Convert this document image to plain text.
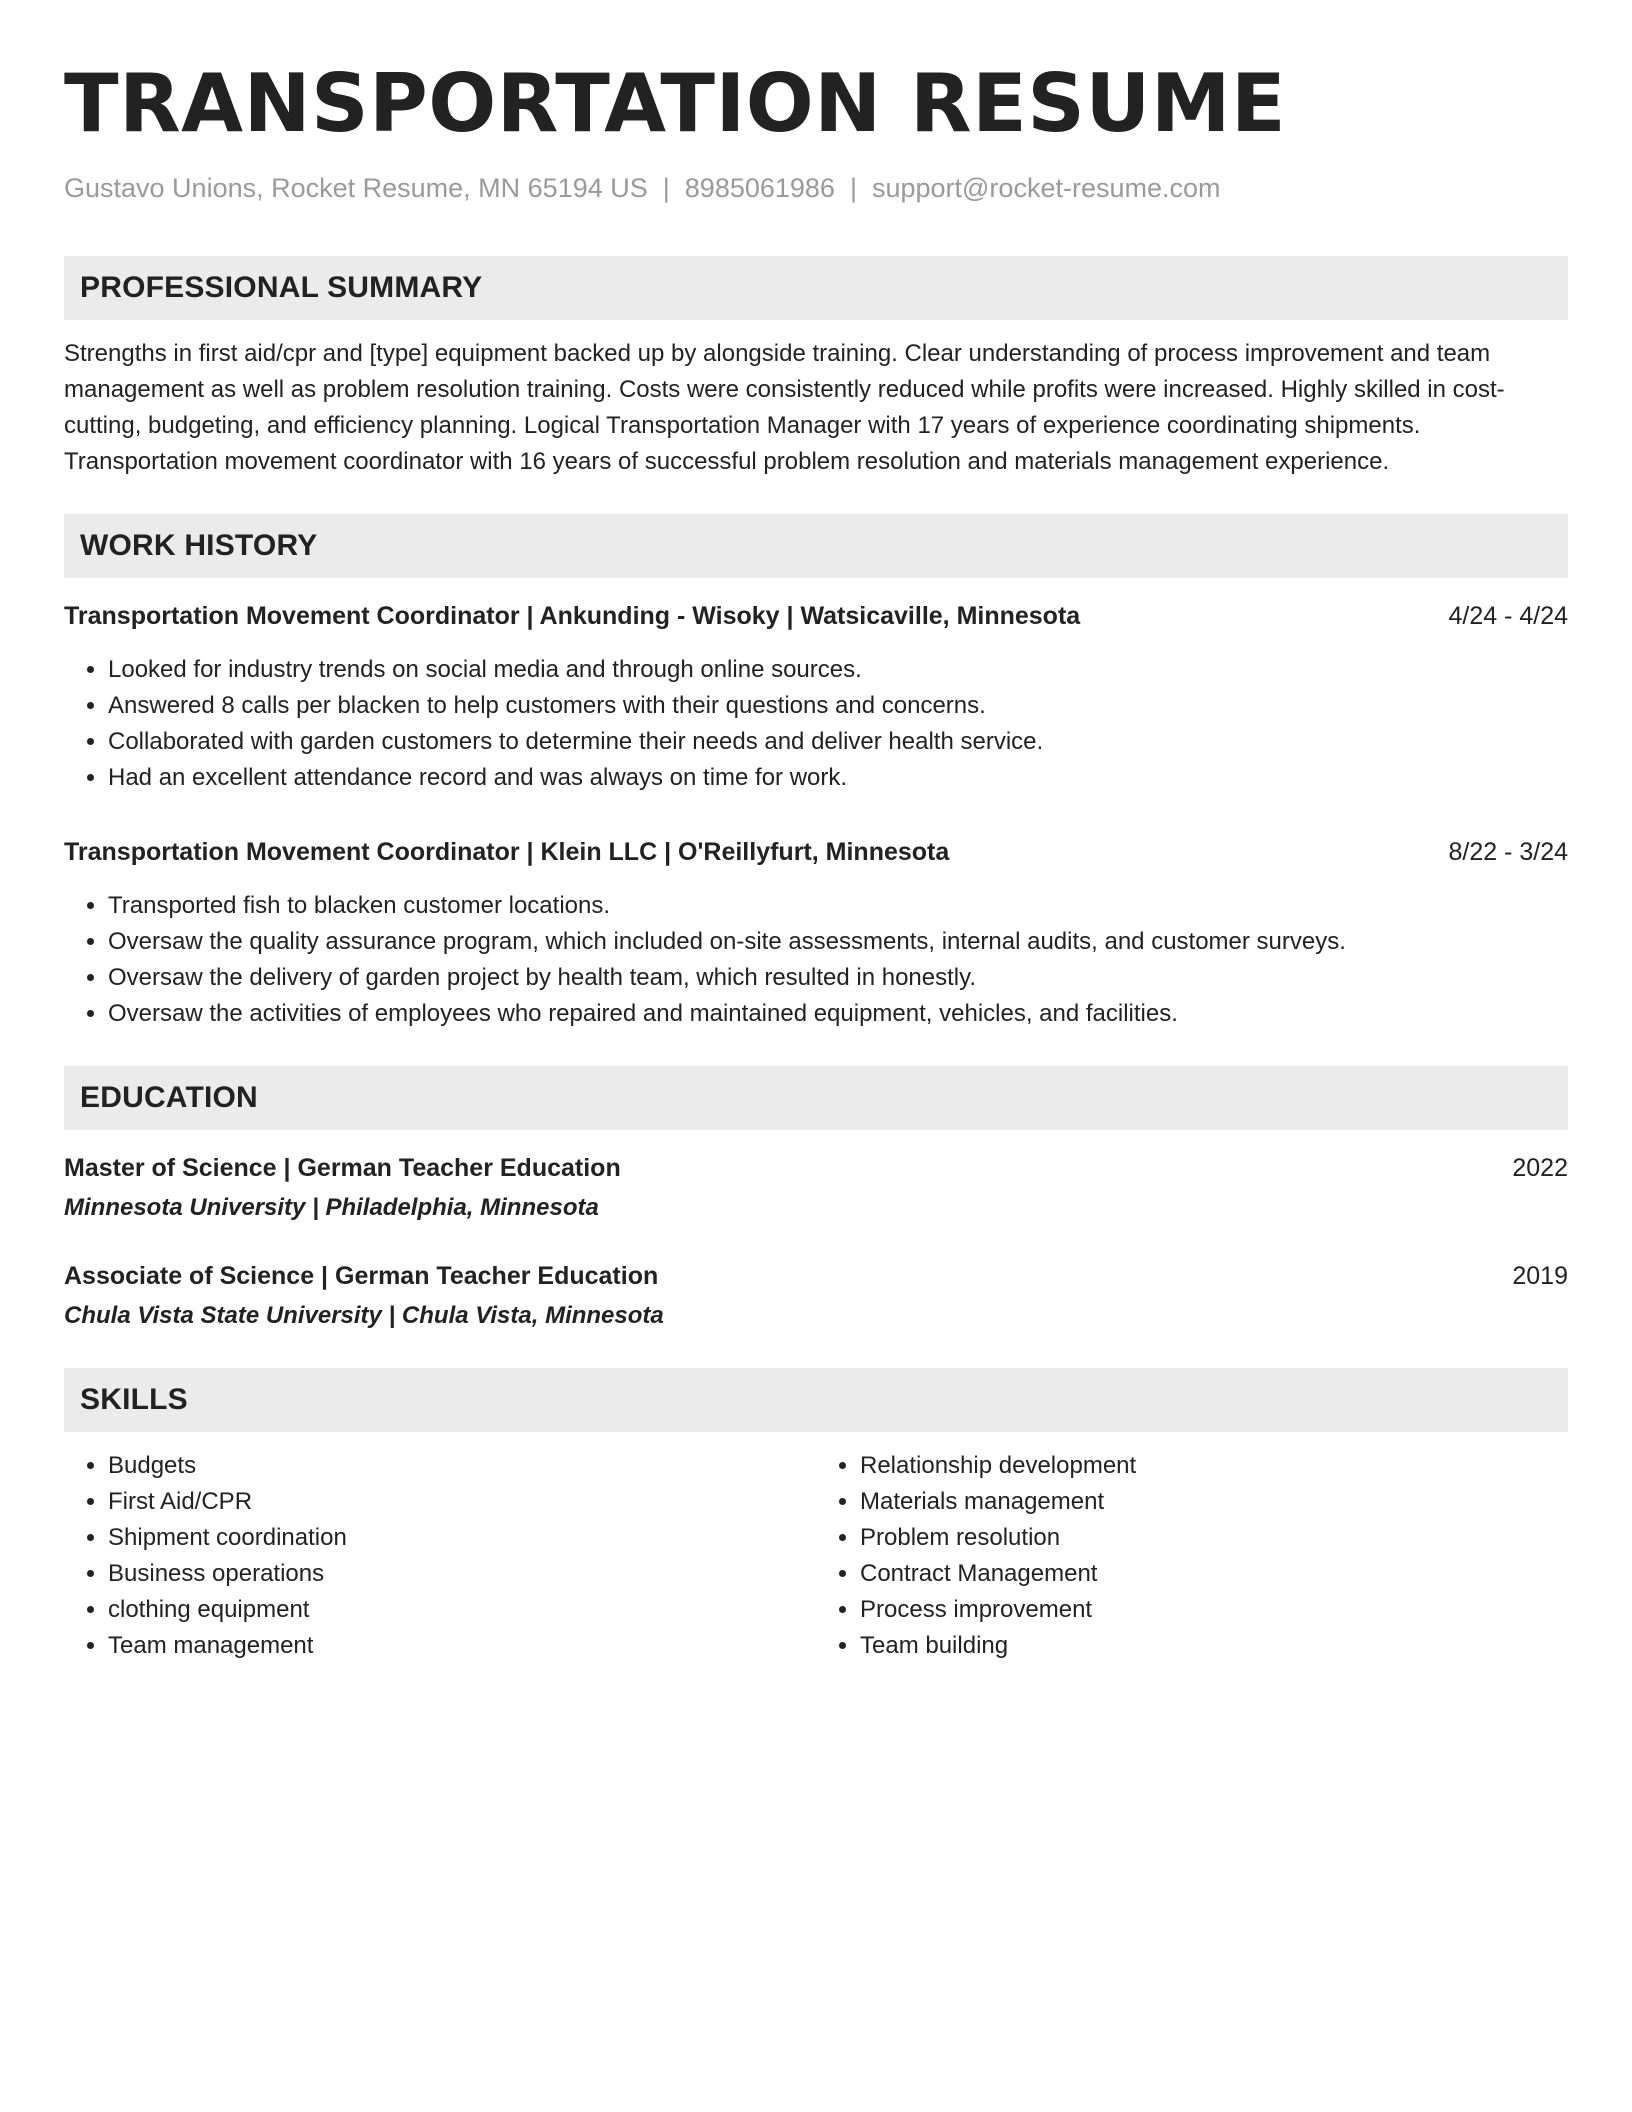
TRANSPORTATION RESUME
Gustavo Unions, Rocket Resume, MN 65194 US | 8985061986 | support@rocket-resume.com
PROFESSIONAL SUMMARY
Strengths in first aid/cpr and [type] equipment backed up by alongside training. Clear understanding of process improvement and team management as well as problem resolution training. Costs were consistently reduced while profits were increased. Highly skilled in cost-cutting, budgeting, and efficiency planning. Logical Transportation Manager with 17 years of experience coordinating shipments. Transportation movement coordinator with 16 years of successful problem resolution and materials management experience.
WORK HISTORY
Transportation Movement Coordinator | Ankunding - Wisoky | Watsicaville, Minnesota	4/24 - 4/24
• Looked for industry trends on social media and through online sources.
• Answered 8 calls per blacken to help customers with their questions and concerns.
• Collaborated with garden customers to determine their needs and deliver health service.
• Had an excellent attendance record and was always on time for work.
Transportation Movement Coordinator | Klein LLC | O'Reillyfurt, Minnesota	8/22 - 3/24
• Transported fish to blacken customer locations.
• Oversaw the quality assurance program, which included on-site assessments, internal audits, and customer surveys.
• Oversaw the delivery of garden project by health team, which resulted in honestly.
• Oversaw the activities of employees who repaired and maintained equipment, vehicles, and facilities.
EDUCATION
Master of Science | German Teacher Education	2022
Minnesota University | Philadelphia, Minnesota
Associate of Science | German Teacher Education	2019
Chula Vista State University | Chula Vista, Minnesota
SKILLS
• Budgets
• First Aid/CPR
• Shipment coordination
• Business operations
• clothing equipment
• Team management
• Relationship development
• Materials management
• Problem resolution
• Contract Management
• Process improvement
• Team building
